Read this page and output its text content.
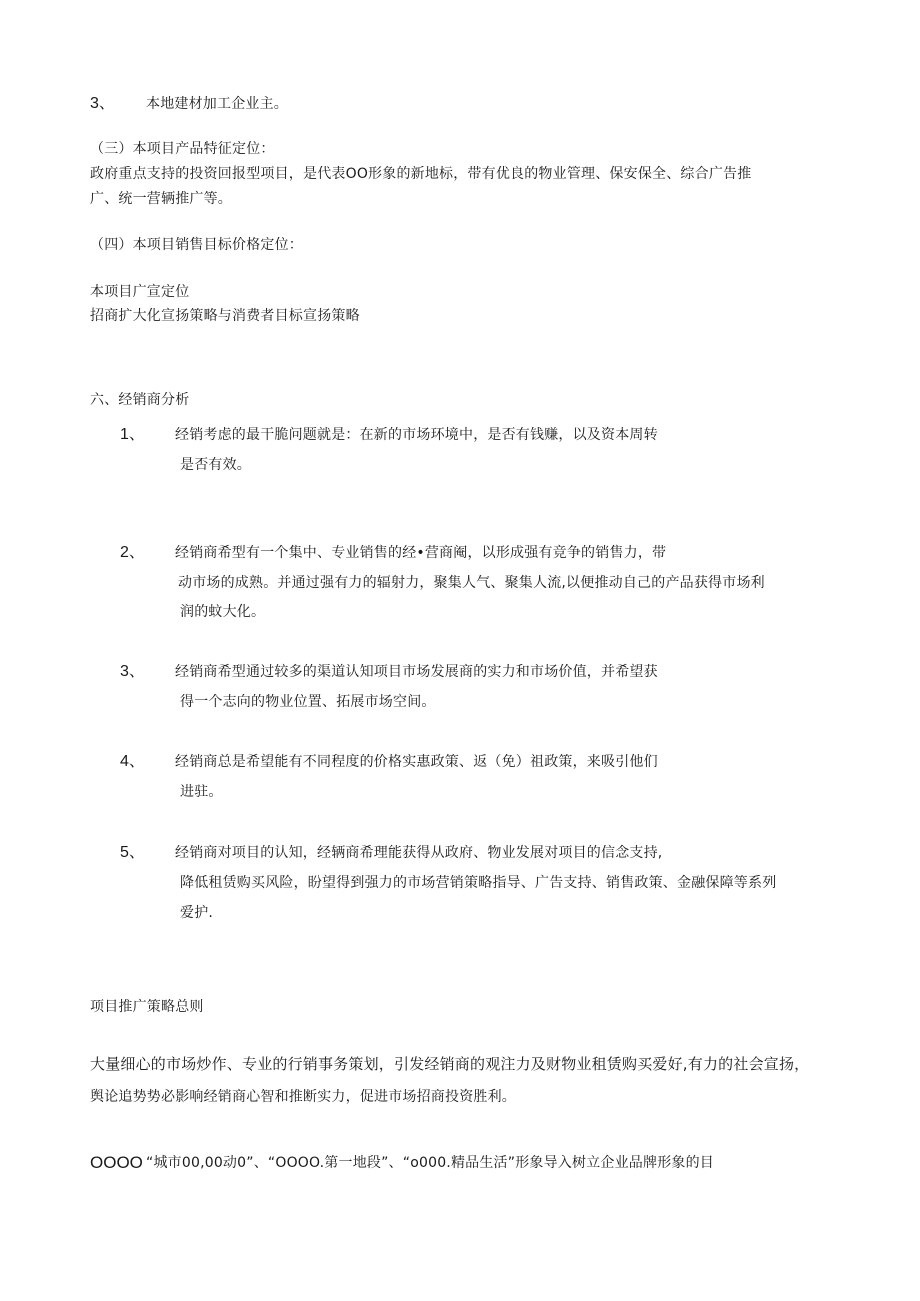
3、 本地建材加工企业主。
（三）本项目产品特征定位：
政府重点支持的投资回报型项目，是代表OO形象的新地标，带有优良的物业管理、保安保全、综合广告推
广、统一营辆推广等。
（四）本项目销售目标价格定位：
本项目广宣定位
招商扩大化宣扬策略与消费者目标宣扬策略
六、经销商分析
1、 经销考虑的最干脆问题就是：在新的市场环境中，是否有钱赚，以及资本周转
是否有效。
2、 经销商希型有一个集中、专业销售的经•营商阉，以形成强有竞争的销售力，带
动市场的成熟。并通过强有力的辐射力，聚集人气、聚集人流,以便推动自己的产品获得市场利
润的蚊大化。
3、 经销商希型通过较多的渠道认知项目市场发展商的实力和市场价值，并希望获
得一个志向的物业位置、拓展市场空间。
4、 经销商总是希望能有不同程度的价格实惠政策、返（免）祖政策，来吸引他们
进驻。
5、 经销商对项目的认知，经辆商希理能获得从政府、物业发展对项目的信念支持,
降低租赁购买风险，盼望得到强力的市场营销策略指导、广告支持、销售政策、金融保障等系列
爱护.
项目推广策略总则
大量细心的市场炒作、专业的行销事务策划，引发经销商的观注力及财物业租赁购买爱好,有力的社会宣扬，
舆论追势势必影响经销商心智和推断实力，促进市场招商投资胜利。
OOOO “城市00,00动0”、“OOOO.第一地段”、“o000.精品生活”形象导入树立企业品牌形象的目
